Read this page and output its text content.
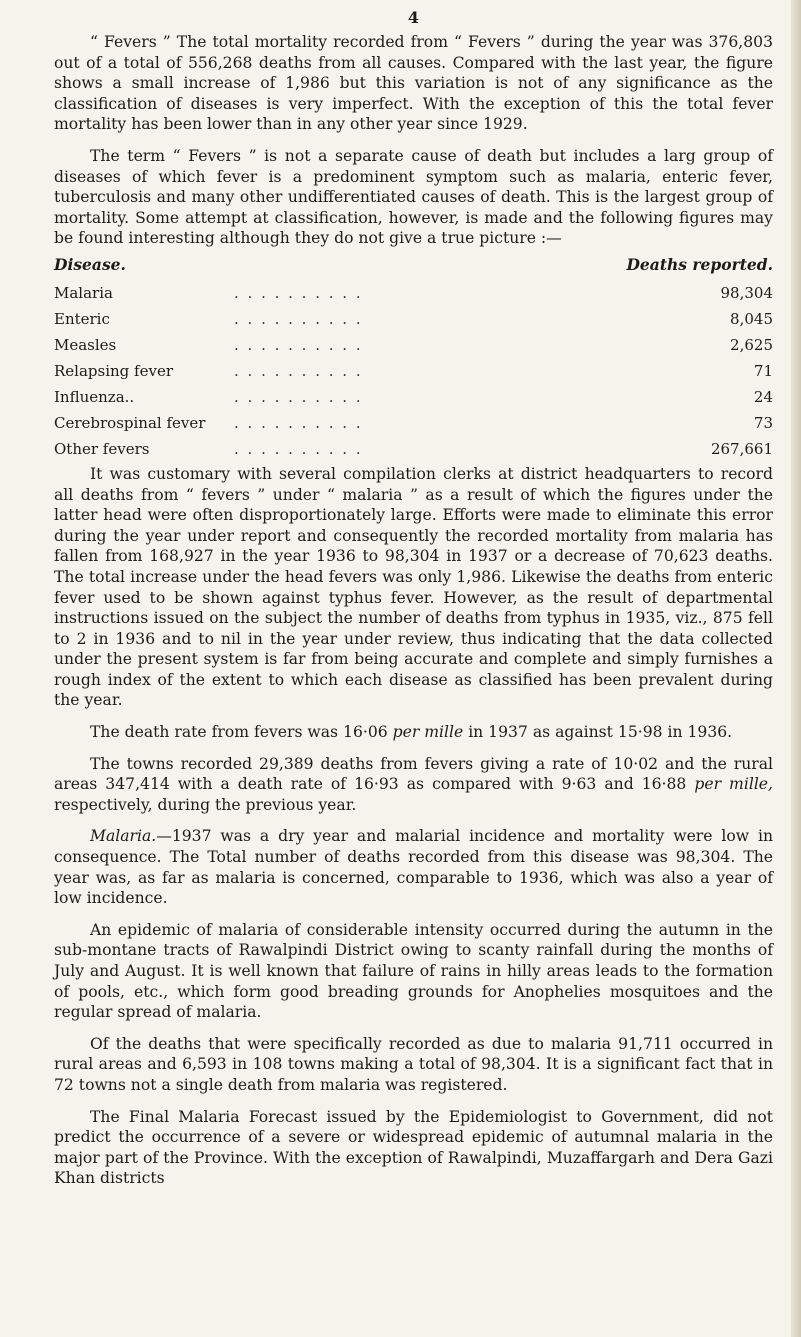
4

“ Fevers ” The total mortality recorded from “ Fevers ” during the year was 376,803 out of a total of 556,268 deaths from all causes. Compared with the last year, the figure shows a small increase of 1,986 but this variation is not of any significance as the classification of diseases is very imperfect. With the exception of this the total fever mortality has been lower than in any other year since 1929.

The term “ Fevers ” is not a separate cause of death but includes a larg group of diseases of which fever is a predominent symptom such as malaria, enteric fever, tuberculosis and many other undifferentiated causes of death. This is the largest group of mortality. Some attempt at classification, however, is made and the following figures may be found interesting although they do not give a true picture :—

Disease.		Deaths reported.
Malaria	. . . . . . . . . .	98,304
Enteric	. . . . . . . . . .	8,045
Measles	. . . . . . . . . .	2,625
Relapsing fever	. . . . . . . . . .	71
Influenza..	. . . . . . . . . .	24
Cerebrospinal fever	. . . . . . . . . .	73
Other fevers	. . . . . . . . . .	267,661

It was customary with several compilation clerks at district headquarters to record all deaths from “ fevers ” under “ malaria ” as a result of which the figures under the latter head were often disproportionately large. Efforts were made to eliminate this error during the year under report and consequently the recorded mortality from malaria has fallen from 168,927 in the year 1936 to 98,304 in 1937 or a decrease of 70,623 deaths. The total increase under the head fevers was only 1,986. Likewise the deaths from enteric fever used to be shown against typhus fever. However, as the result of departmental instructions issued on the subject the number of deaths from typhus in 1935, viz., 875 fell to 2 in 1936 and to nil in the year under review, thus indicating that the data collected under the present system is far from being accurate and complete and simply furnishes a rough index of the extent to which each disease as classified has been prevalent during the year.

The death rate from fevers was 16·06 per mille in 1937 as against 15·98 in 1936.

The towns recorded 29,389 deaths from fevers giving a rate of 10·02 and the rural areas 347,414 with a death rate of 16·93 as compared with 9·63 and 16·88 per mille, respectively, during the previous year.

Malaria.—1937 was a dry year and malarial incidence and mortality were low in consequence. The Total number of deaths recorded from this disease was 98,304. The year was, as far as malaria is concerned, comparable to 1936, which was also a year of low incidence.

An epidemic of malaria of considerable intensity occurred during the autumn in the sub-montane tracts of Rawalpindi District owing to scanty rainfall during the months of July and August. It is well known that failure of rains in hilly areas leads to the formation of pools, etc., which form good breading grounds for Anophelies mosquitoes and the regular spread of malaria.

Of the deaths that were specifically recorded as due to malaria 91,711 occurred in rural areas and 6,593 in 108 towns making a total of 98,304. It is a significant fact that in 72 towns not a single death from malaria was registered.

The Final Malaria Forecast issued by the Epidemiologist to Government, did not predict the occurrence of a severe or widespread epidemic of autumnal malaria in the major part of the Province. With the exception of Rawalpindi, Muzaffargarh and Dera Gazi Khan districts
